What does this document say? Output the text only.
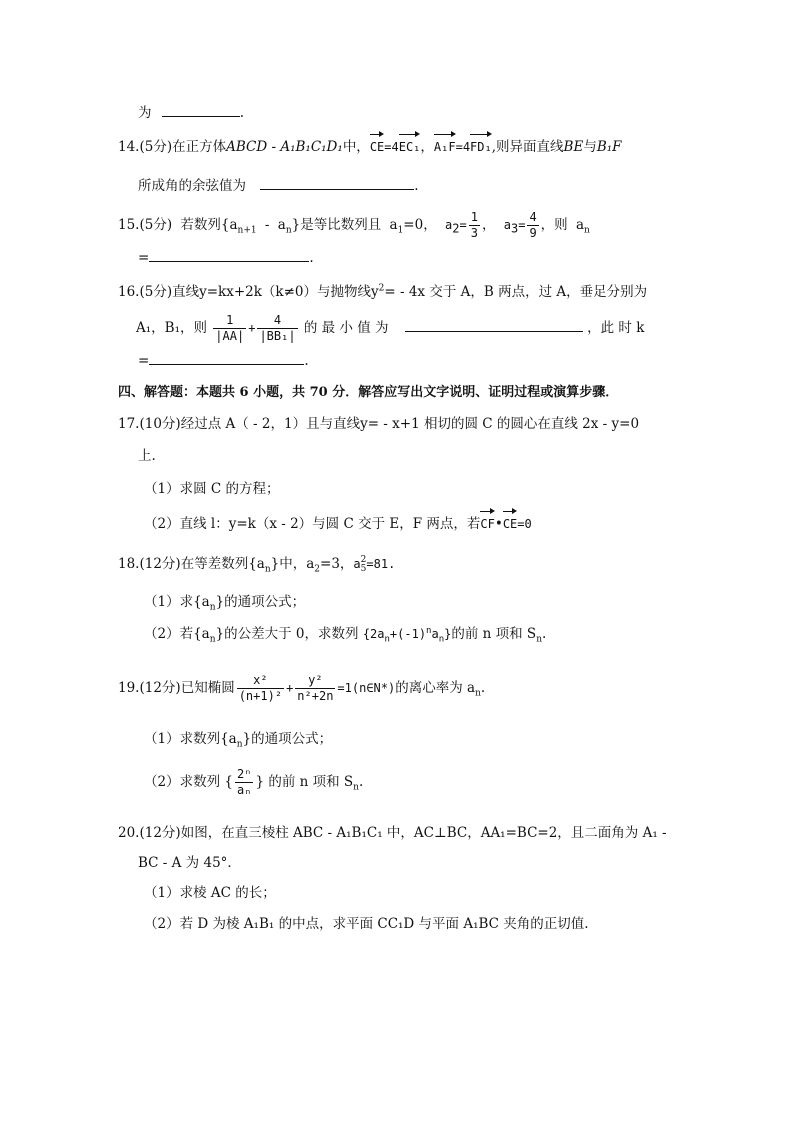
为	.
14.(5分)在正方体ABCD - A₁B₁C₁D₁中，CE=4EC₁，A₁F=4FD₁,则异面直线BE与B₁F
所成角的余弦值为	.
15.(5分) 若数列$\{a_{n+1} - a_n\}$是等比数列且 $a_1=0$， $a_2= \frac{1}{3}$ ， $a_3= \frac{4}{9}$ ，则 $a_n$
=	.
16.(5分)直线y=kx+2k（k≠0）与抛物线$y^2= - 4x$ 交于 A，B 两点，过 A，垂足分别为
A₁，B₁，则 $\frac{1}{|AA|} + \frac{4}{\text{|BB₁|}}$ 的 最 小 值 为	，此 时 k
=	.
四、解答题：本题共 6 小题，共 70 分．解答应写出文字说明、证明过程或演算步骤．
17.(10分)经过点 A（ - 2，1）且与直线y= - x+1 相切的圆 C 的圆心在直线 2x - y=0
上.
（1）求圆 C 的方程；
（2）直线 l：y=k（x - 2）与圆 C 交于 E，F 两点，若CF•CE=0
18.(12分)在等差数列$\{a_n\}$中，$a_2=3$，a 2
5 =81.
（1）求$\{a_n\}$的通项公式；
（2）若$\{a_n\}$的公差大于 0，求数列 $\{2a_n+(-1)^na_n\}$的前 n 项和 $S_n$.
19.(12分)已知椭圆 $\frac{\text{x²}}{\text{(n+1)²}} + \frac{\text{y²}}{\text{n²+2n}}$ =1(n∈N*)的离心率为 $a_n$.
（1）求数列$\{a_n\}$的通项公式；
（2）求数列 { $\frac{\text{2ⁿ}}{\text{aₙ}}$ } 的前 n 项和 $S_n$.
20.(12分)如图，在直三棱柱 ABC - A₁B₁C₁ 中，AC⊥BC，AA₁=BC=2，且二面角为 A₁ -
BC - A 为 45°．
（1）求棱 AC 的长；
（2）若 D 为棱 A₁B₁ 的中点，求平面 CC₁D 与平面 A₁BC 夹角的正切值.
